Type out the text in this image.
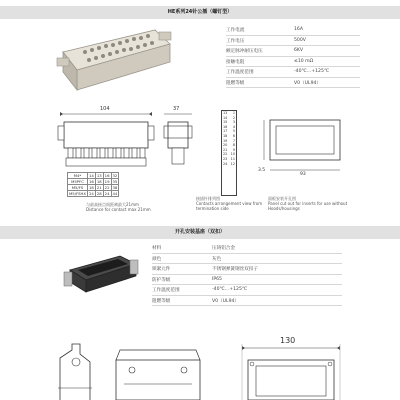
HE系列24针公插（螺钉型）
工作电流	16A
工作电压	500V
额定脉冲耐压电压	6KV
接触电阻	≤10 mΩ
工作温度范围	-40℃…+125℃
阻燃等级	V0（UL94）
104	37
M4*	14	13	16	32
M5PFC	16	18	19	35
M5/FS	18	21	22	38
M5/FSHX	24	28	24	44
与最高接点间距离最大21mm
Distance for contact max 21mm
13 1
14 2
15 3
16 4
17 5
18 6
19 7
20 8
21 9
22 10
23 11
24 12
接插针排列图
Contacts arrangement view from termination side
3.5
93
面板安装开孔图
Panel cut out for inserts for use without Hoods/housings
开孔安装基座（双扣）
材料	压铸铝合金
颜色	灰色
锁紧元件	不锈钢弹簧钢丝双扣子
防护等级	IP65
工作温度范围	-40℃…+125℃
阻燃等级	V0（UL94）
130
